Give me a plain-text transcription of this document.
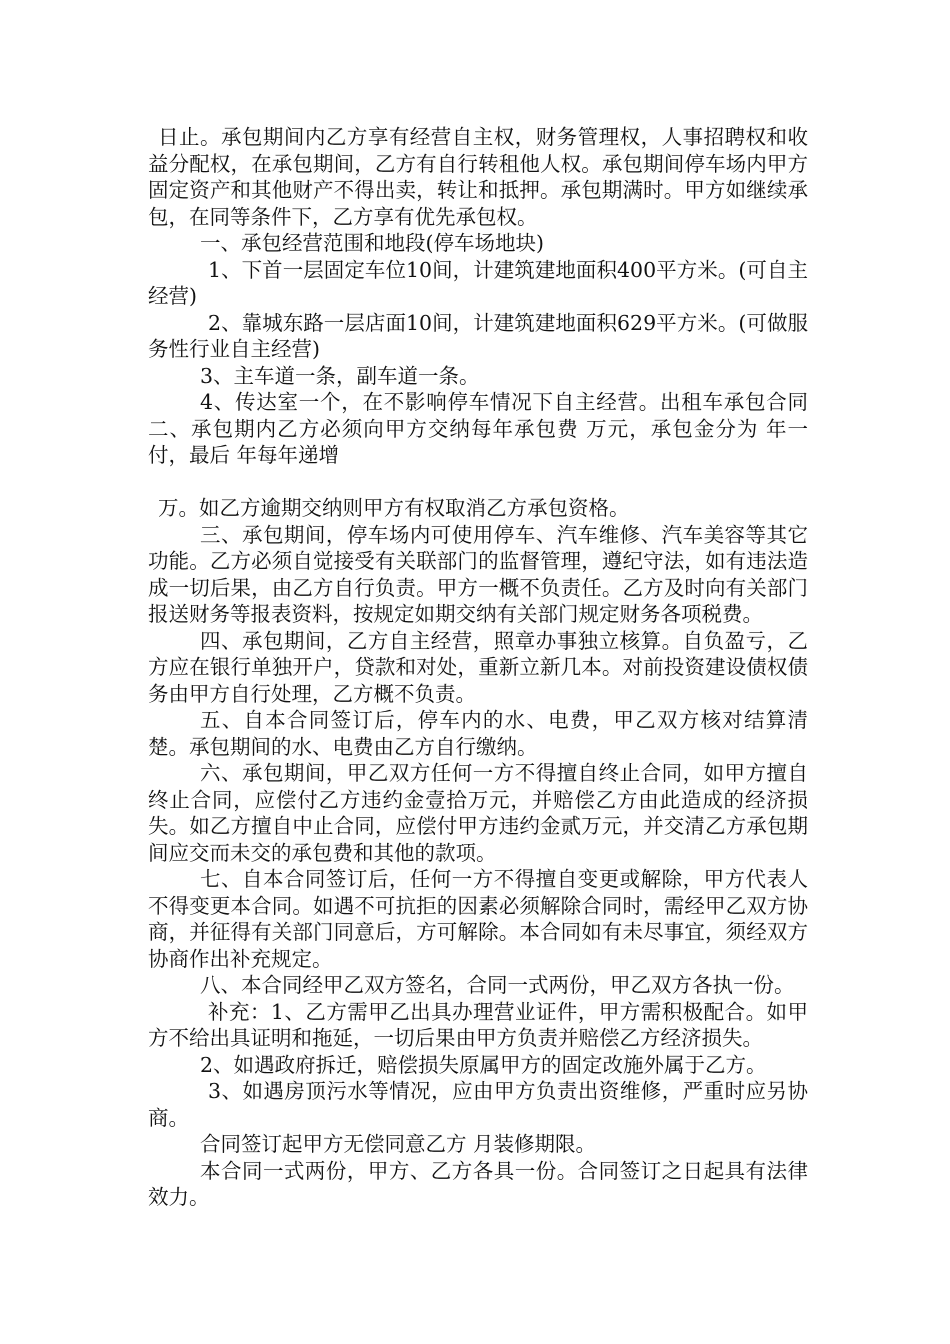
日止。承包期间内乙方享有经营自主权，财务管理权，人事招聘权和收益分配权，在承包期间，乙方有自行转租他人权。承包期间停车场内甲方固定资产和其他财产不得出卖，转让和抵押。承包期满时。甲方如继续承包，在同等条件下，乙方享有优先承包权。

一、承包经营范围和地段(停车场地块)

1、下首一层固定车位10间，计建筑建地面积400平方米。(可自主经营)

2、靠城东路一层店面10间，计建筑建地面积629平方米。(可做服务性行业自主经营)

3、主车道一条，副车道一条。

4、传达室一个，在不影响停车情况下自主经营。出租车承包合同二、承包期内乙方必须向甲方交纳每年承包费 万元，承包金分为 年一付，最后 年每年递增

万。如乙方逾期交纳则甲方有权取消乙方承包资格。

三、承包期间，停车场内可使用停车、汽车维修、汽车美容等其它功能。乙方必须自觉接受有关联部门的监督管理，遵纪守法，如有违法造成一切后果，由乙方自行负责。甲方一概不负责任。乙方及时向有关部门报送财务等报表资料，按规定如期交纳有关部门规定财务各项税费。

四、承包期间，乙方自主经营，照章办事独立核算。自负盈亏，乙方应在银行单独开户，贷款和对处，重新立新几本。对前投资建设债权债务由甲方自行处理，乙方概不负责。

五、自本合同签订后，停车内的水、电费，甲乙双方核对结算清楚。承包期间的水、电费由乙方自行缴纳。

六、承包期间，甲乙双方任何一方不得擅自终止合同，如甲方擅自终止合同，应偿付乙方违约金壹拾万元，并赔偿乙方由此造成的经济损失。如乙方擅自中止合同，应偿付甲方违约金贰万元，并交清乙方承包期间应交而未交的承包费和其他的款项。

七、自本合同签订后，任何一方不得擅自变更或解除，甲方代表人不得变更本合同。如遇不可抗拒的因素必须解除合同时，需经甲乙双方协商，并征得有关部门同意后，方可解除。本合同如有未尽事宜，须经双方协商作出补充规定。

八、本合同经甲乙双方签名，合同一式两份，甲乙双方各执一份。

补充：1、乙方需甲乙出具办理营业证件，甲方需积极配合。如甲方不给出具证明和拖延，一切后果由甲方负责并赔偿乙方经济损失。

2、如遇政府拆迁，赔偿损失原属甲方的固定改施外属于乙方。

3、如遇房顶污水等情况，应由甲方负责出资维修，严重时应另协商。

合同签订起甲方无偿同意乙方 月装修期限。

本合同一式两份，甲方、乙方各具一份。合同签订之日起具有法律效力。
